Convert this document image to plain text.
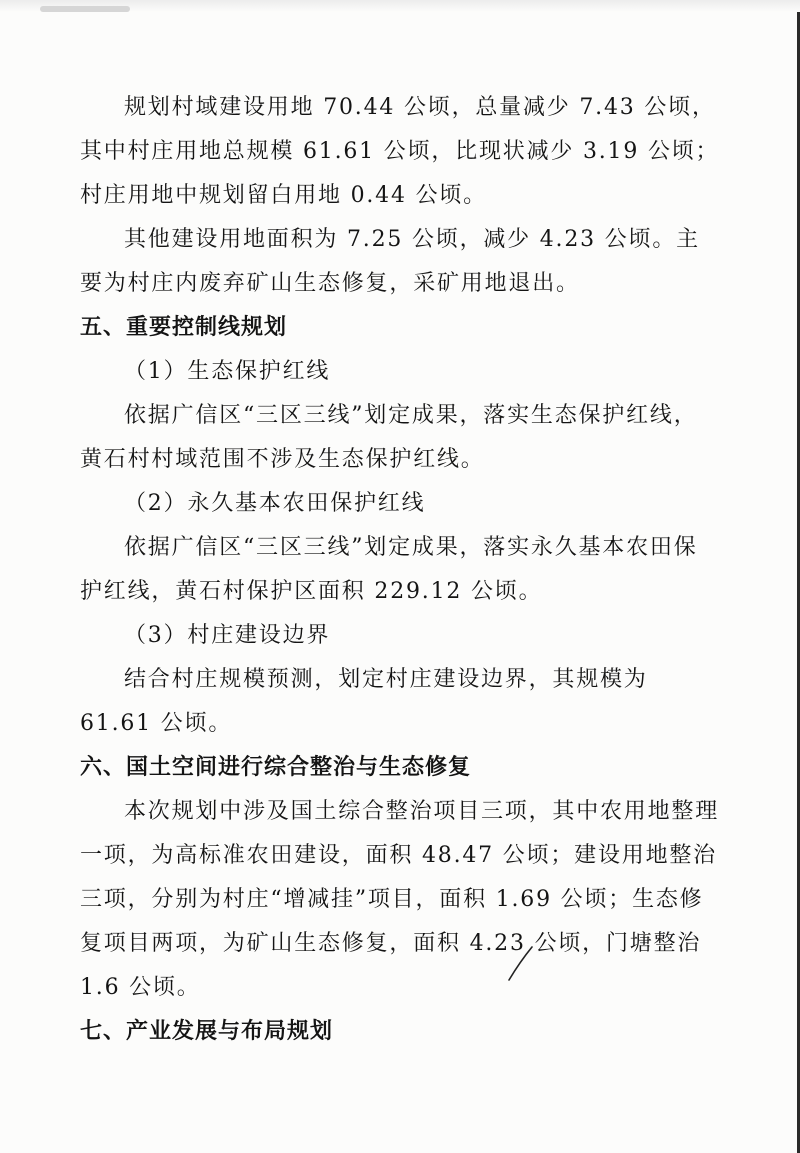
规划村域建设用地 70.44 公顷，总量减少 7.43 公顷，

其中村庄用地总规模 61.61 公顷，比现状减少 3.19 公顷；

村庄用地中规划留白用地 0.44 公顷。

其他建设用地面积为 7.25 公顷，减少 4.23 公顷。主要为村庄内废弃矿山生态修复，采矿用地退出。

五、重要控制线规划

（1）生态保护红线

依据广信区“三区三线”划定成果，落实生态保护红线，黄石村村域范围不涉及生态保护红线。

（2）永久基本农田保护红线

依据广信区“三区三线”划定成果，落实永久基本农田保护红线，黄石村保护区面积 229.12 公顷。

（3）村庄建设边界

结合村庄规模预测，划定村庄建设边界，其规模为 61.61 公顷。

六、国土空间进行综合整治与生态修复

本次规划中涉及国土综合整治项目三项，其中农用地整理一项，为高标准农田建设，面积 48.47 公顷；建设用地整治三项，分别为村庄“增减挂”项目，面积 1.69 公顷；生态修复项目两项，为矿山生态修复，面积 4.23 公顷，门塘整治 1.6 公顷。

七、产业发展与布局规划
